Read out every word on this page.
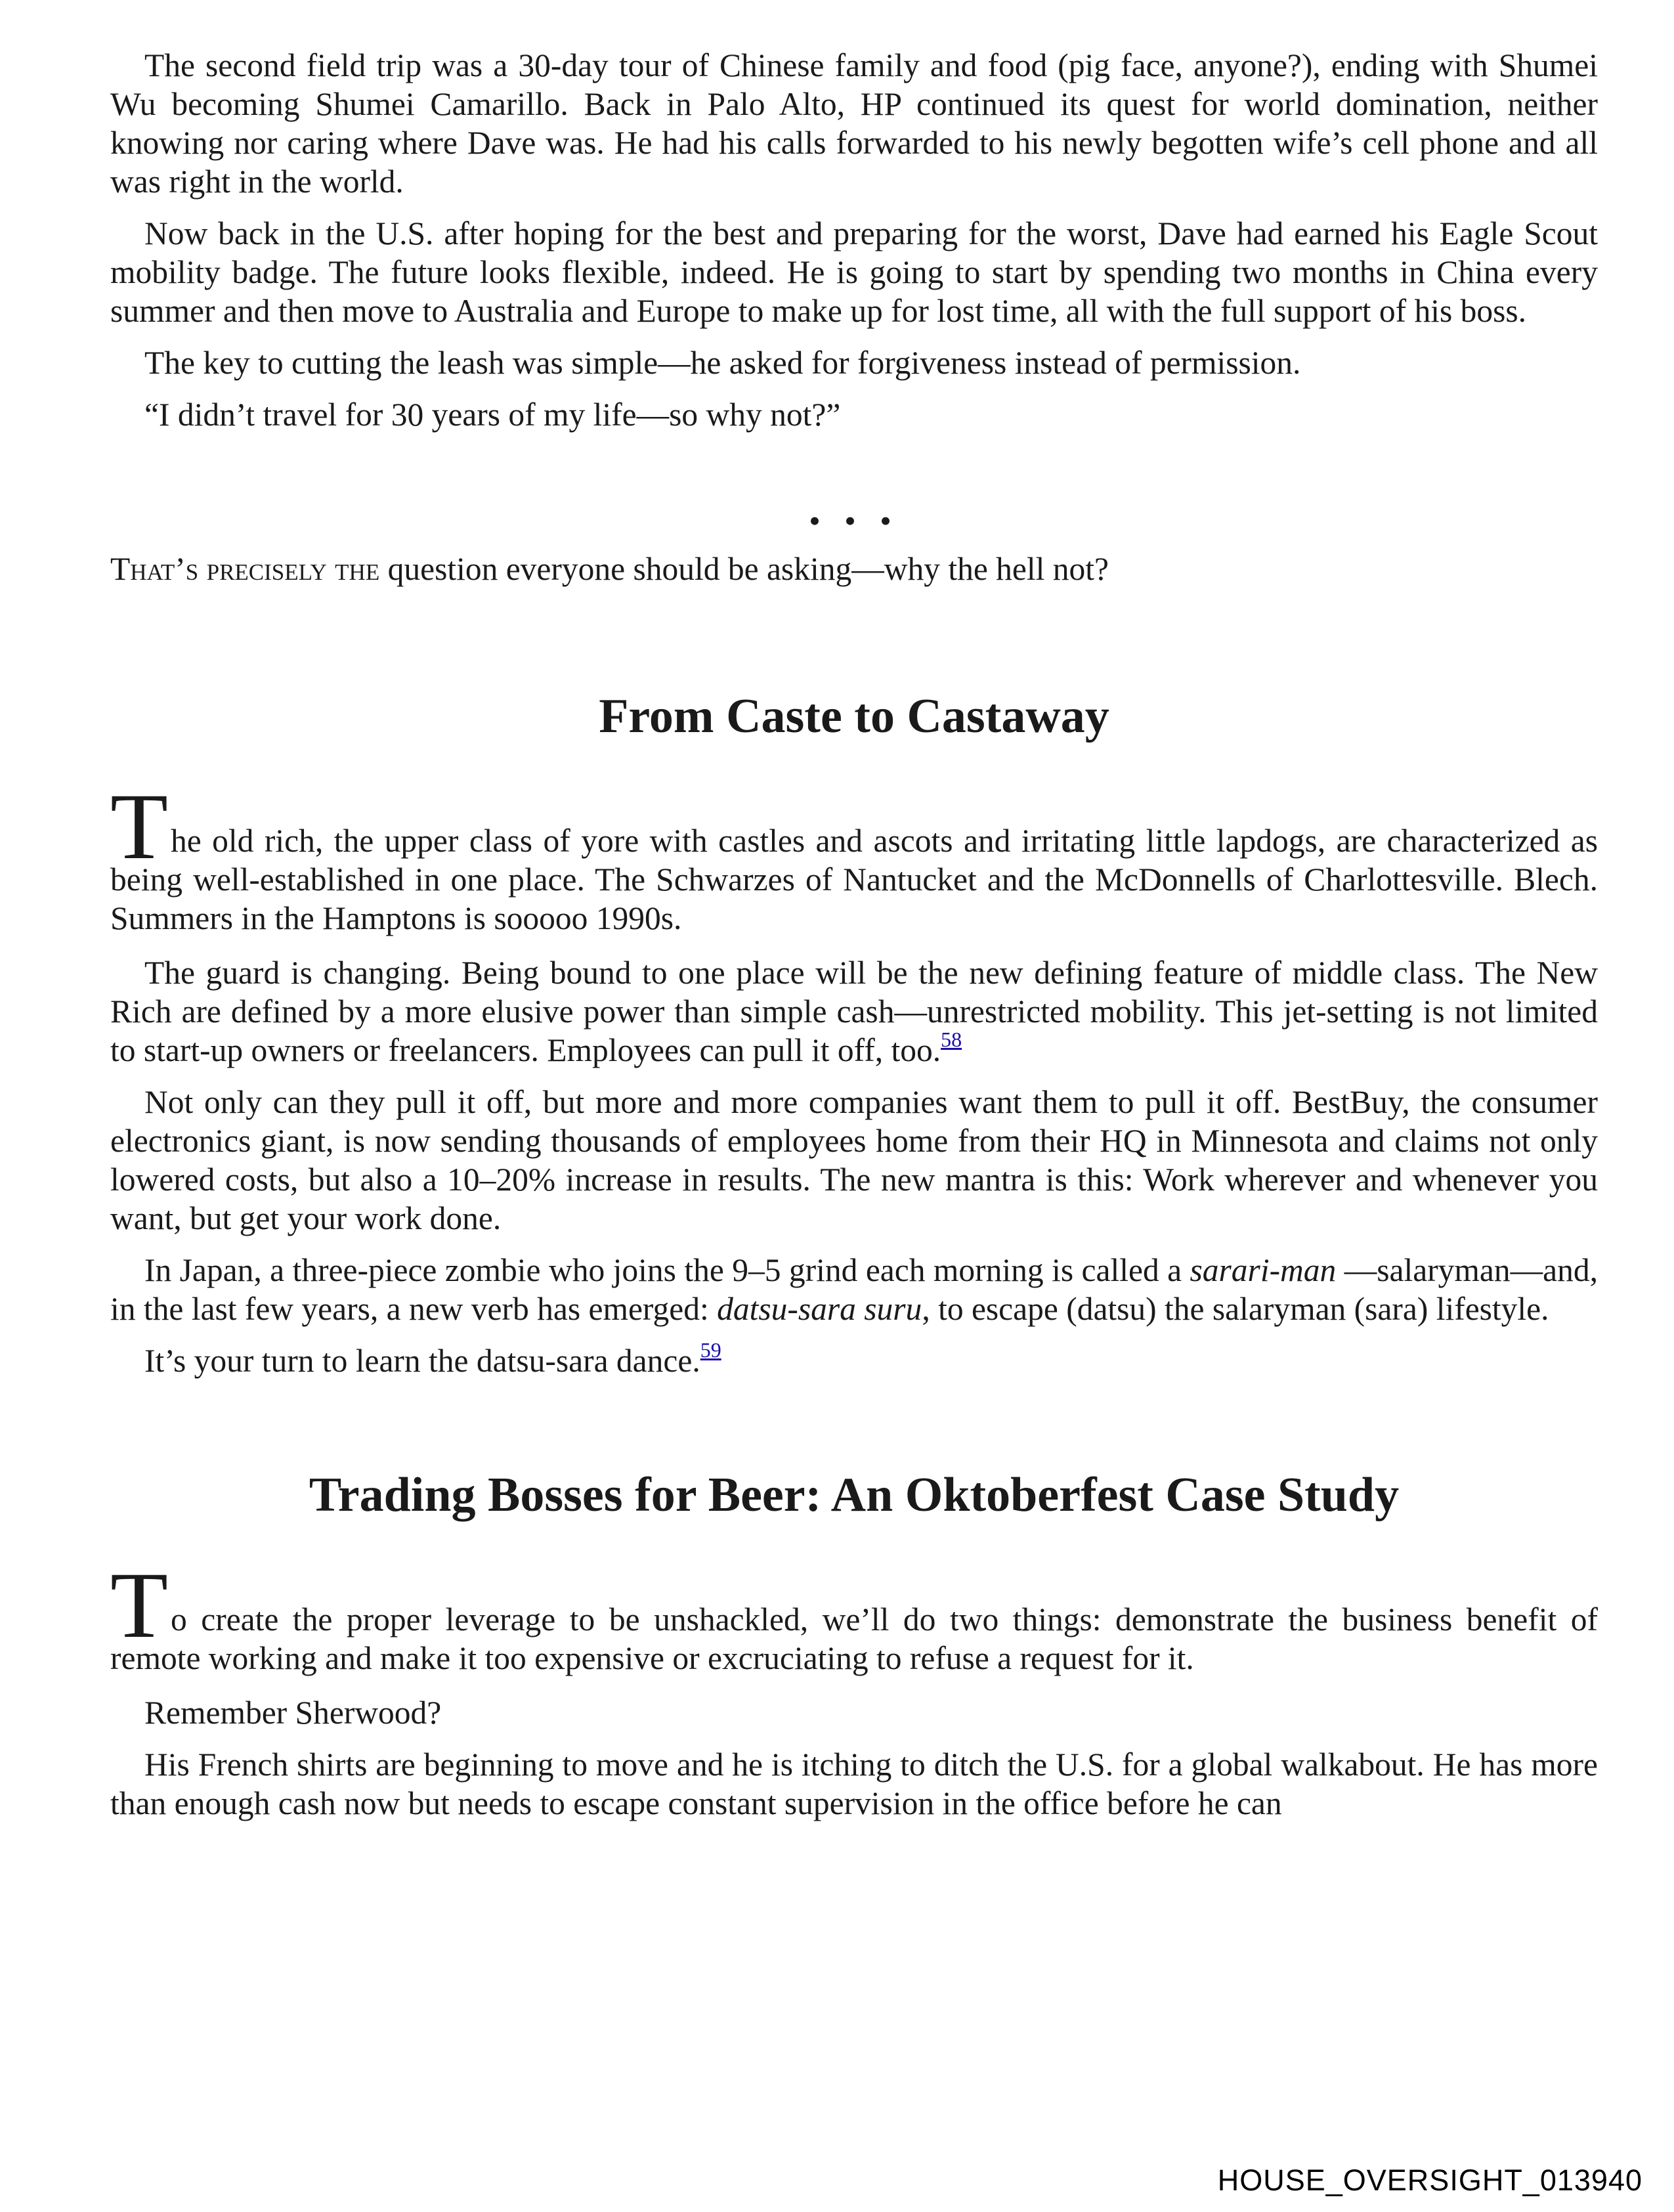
The second field trip was a 30-day tour of Chinese family and food (pig face, anyone?), ending with Shumei Wu becoming Shumei Camarillo. Back in Palo Alto, HP continued its quest for world domination, neither knowing nor caring where Dave was. He had his calls forwarded to his newly begotten wife’s cell phone and all was right in the world.

Now back in the U.S. after hoping for the best and preparing for the worst, Dave had earned his Eagle Scout mobility badge. The future looks flexible, indeed. He is going to start by spending two months in China every summer and then move to Australia and Europe to make up for lost time, all with the full support of his boss.

The key to cutting the leash was simple—he asked for forgiveness instead of permission.

“I didn’t travel for 30 years of my life—so why not?”

• • •

That’s precisely the question everyone should be asking—why the hell not?

From Caste to Castaway

The old rich, the upper class of yore with castles and ascots and irritating little lapdogs, are characterized as being well-established in one place. The Schwarzes of Nantucket and the McDonnells of Charlottesville. Blech. Summers in the Hamptons is sooooo 1990s.

The guard is changing. Being bound to one place will be the new defining feature of middle class. The New Rich are defined by a more elusive power than simple cash—unrestricted mobility. This jet-setting is not limited to start-up owners or freelancers. Employees can pull it off, too.$^{58}$

Not only can they pull it off, but more and more companies want them to pull it off. BestBuy, the consumer electronics giant, is now sending thousands of employees home from their HQ in Minnesota and claims not only lowered costs, but also a 10–20% increase in results. The new mantra is this: Work wherever and whenever you want, but get your work done.

In Japan, a three-piece zombie who joins the 9–5 grind each morning is called a sarari-man —salaryman—and, in the last few years, a new verb has emerged: datsu-sara suru, to escape (datsu) the salaryman (sara) lifestyle.

It’s your turn to learn the datsu-sara dance.$^{59}$

Trading Bosses for Beer: An Oktoberfest Case Study

To create the proper leverage to be unshackled, we’ll do two things: demonstrate the business benefit of remote working and make it too expensive or excruciating to refuse a request for it.

Remember Sherwood?

His French shirts are beginning to move and he is itching to ditch the U.S. for a global walkabout. He has more than enough cash now but needs to escape constant supervision in the office before he can

HOUSE_OVERSIGHT_013940
